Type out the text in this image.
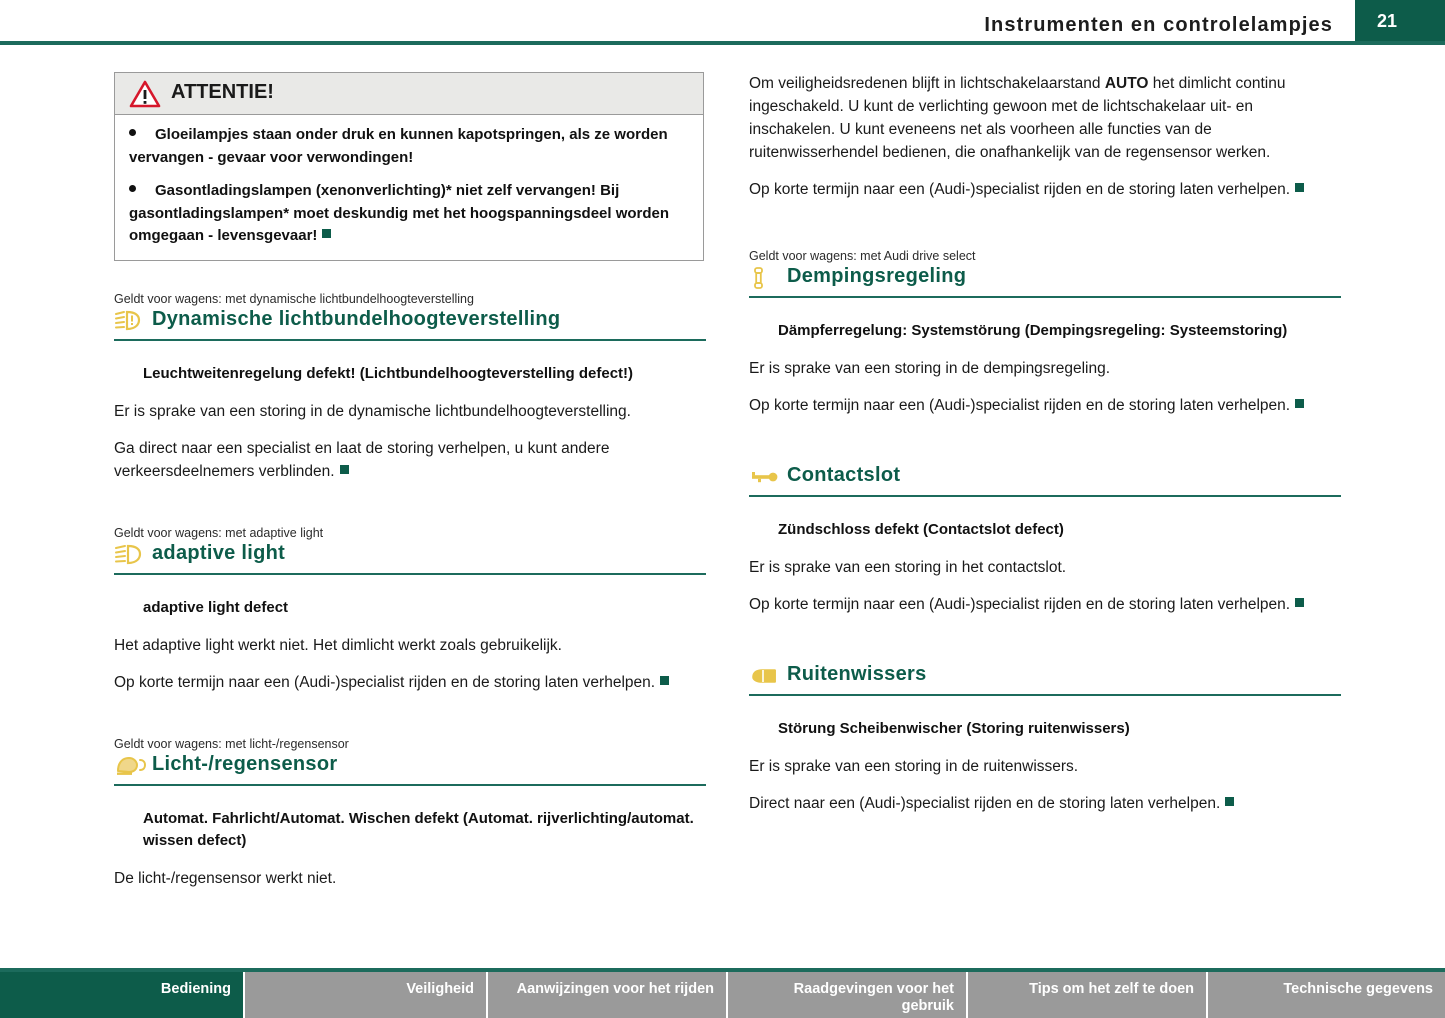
Instrumenten en controlelampjes 21
ATTENTIE!
Gloeilampjes staan onder druk en kunnen kapotspringen, als ze worden vervangen - gevaar voor verwondingen!
Gasontladingslampen (xenonverlichting)* niet zelf vervangen! Bij gasontladingslampen* moet deskundig met het hoogspanningsdeel worden omgegaan - levensgevaar!

Geldt voor wagens: met dynamische lichtbundelhoogteverstelling

Dynamische lichtbundelhoogteverstelling

Leuchtweitenregelung defekt! (Lichtbundelhoogteverstelling defect!)

Er is sprake van een storing in de dynamische lichtbundelhoogteverstelling.

Ga direct naar een specialist en laat de storing verhelpen, u kunt andere verkeersdeelnemers verblinden.

Geldt voor wagens: met adaptive light

adaptive light

adaptive light defect

Het adaptive light werkt niet. Het dimlicht werkt zoals gebruikelijk.

Op korte termijn naar een (Audi-)specialist rijden en de storing laten verhelpen.

Geldt voor wagens: met licht-/regensensor

Licht-/regensensor

Automat. Fahrlicht/Automat. Wischen defekt (Automat. rijverlichting/automat. wissen defect)

De licht-/regensensor werkt niet.

Om veiligheidsredenen blijft in lichtschakelaarstand AUTO het dimlicht continu ingeschakeld. U kunt de verlichting gewoon met de lichtschakelaar uit- en inschakelen. U kunt eveneens net als voorheen alle functies van de ruitenwisserhendel bedienen, die onafhankelijk van de regensensor werken.

Op korte termijn naar een (Audi-)specialist rijden en de storing laten verhelpen.

Geldt voor wagens: met Audi drive select

Dempingsregeling

Dämpferregelung: Systemstörung (Dempingsregeling: Systeemstoring)

Er is sprake van een storing in de dempingsregeling.

Op korte termijn naar een (Audi-)specialist rijden en de storing laten verhelpen.

Contactslot

Zündschloss defekt (Contactslot defect)

Er is sprake van een storing in het contactslot.

Op korte termijn naar een (Audi-)specialist rijden en de storing laten verhelpen.

Ruitenwissers

Störung Scheibenwischer (Storing ruitenwissers)

Er is sprake van een storing in de ruitenwissers.

Direct naar een (Audi-)specialist rijden en de storing laten verhelpen.

Bediening	Veiligheid	Aanwijzingen voor het rijden	Raadgevingen voor het gebruik
Tips om het zelf te doen	Technische gegevens
